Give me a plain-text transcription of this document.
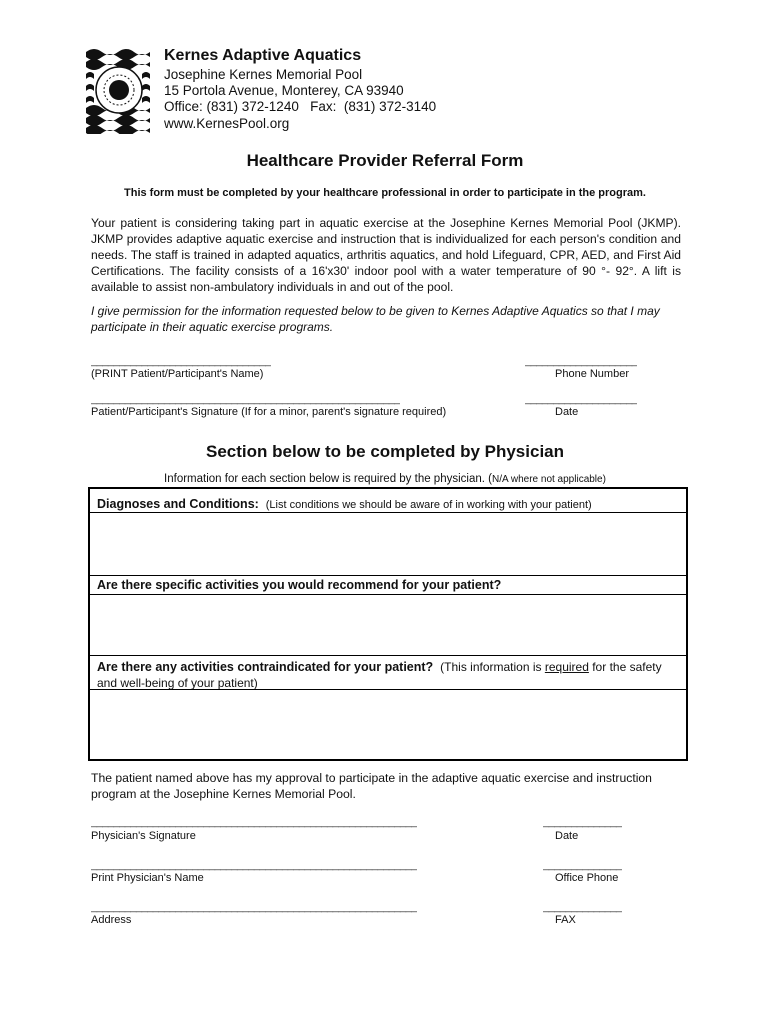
Kernes Adaptive Aquatics
Josephine Kernes Memorial Pool
15 Portola Avenue, Monterey, CA 93940
Office: (831) 372-1240   Fax:  (831) 372-3140
www.KernesPool.org
Healthcare Provider Referral Form
This form must be completed by your healthcare professional in order to participate in the program.
Your patient is considering taking part in aquatic exercise at the Josephine Kernes Memorial Pool (JKMP). JKMP provides adaptive aquatic exercise and instruction that is individualized for each person's condition and needs. The staff is trained in adapted aquatics, arthritis aquatics, and hold Lifeguard, CPR, AED, and First Aid Certifications. The facility consists of a 16'x30' indoor pool with a water temperature of 90 °- 92°. A lift is available to assist non-ambulatory individuals in and out of the pool.
I give permission for the information requested below to be given to Kernes Adaptive Aquatics so that I may participate in their aquatic exercise programs.
________________________________
(PRINT Patient/Participant's Name)
____________________
Phone Number
_______________________________________________________
Patient/Participant's Signature (If for a minor, parent's signature required)
____________________
Date
Section below to be completed by Physician
Information for each section below is required by the physician. (N/A where not applicable)
Diagnoses and Conditions: (List conditions we should be aware of in working with your patient)
Are there specific activities you would recommend for your patient?
Are there any activities contraindicated for your patient? (This information is required for the safety and well-being of your patient)
The patient named above has my approval to participate in the adaptive aquatic exercise and instruction program at the Josephine Kernes Memorial Pool.
__________________________________________________________
Physician's Signature
______________
Date
__________________________________________________________
Print Physician's Name
______________
Office Phone
__________________________________________________________
Address
______________
FAX
